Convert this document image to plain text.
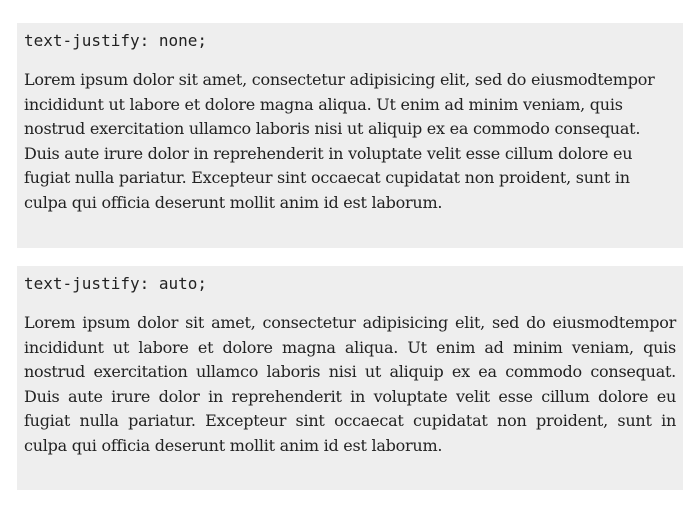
text-justify: none;

Lorem ipsum dolor sit amet, consectetur adipisicing elit, sed do eiusmodtempor incididunt ut labore et dolore magna aliqua. Ut enim ad minim veniam, quis nostrud exercitation ullamco laboris nisi ut aliquip ex ea commodo consequat. Duis aute irure dolor in reprehenderit in voluptate velit esse cillum dolore eu fugiat nulla pariatur. Excepteur sint occaecat cupidatat non proident, sunt in culpa qui officia deserunt mollit anim id est laborum.

text-justify: auto;

Lorem ipsum dolor sit amet, consectetur adipisicing elit, sed do eiusmodtempor incididunt ut labore et dolore magna aliqua. Ut enim ad minim veniam, quis nostrud exercitation ullamco laboris nisi ut aliquip ex ea commodo consequat. Duis aute irure dolor in reprehenderit in voluptate velit esse cillum dolore eu fugiat nulla pariatur. Excepteur sint occaecat cupidatat non proident, sunt in culpa qui officia deserunt mollit anim id est laborum.
